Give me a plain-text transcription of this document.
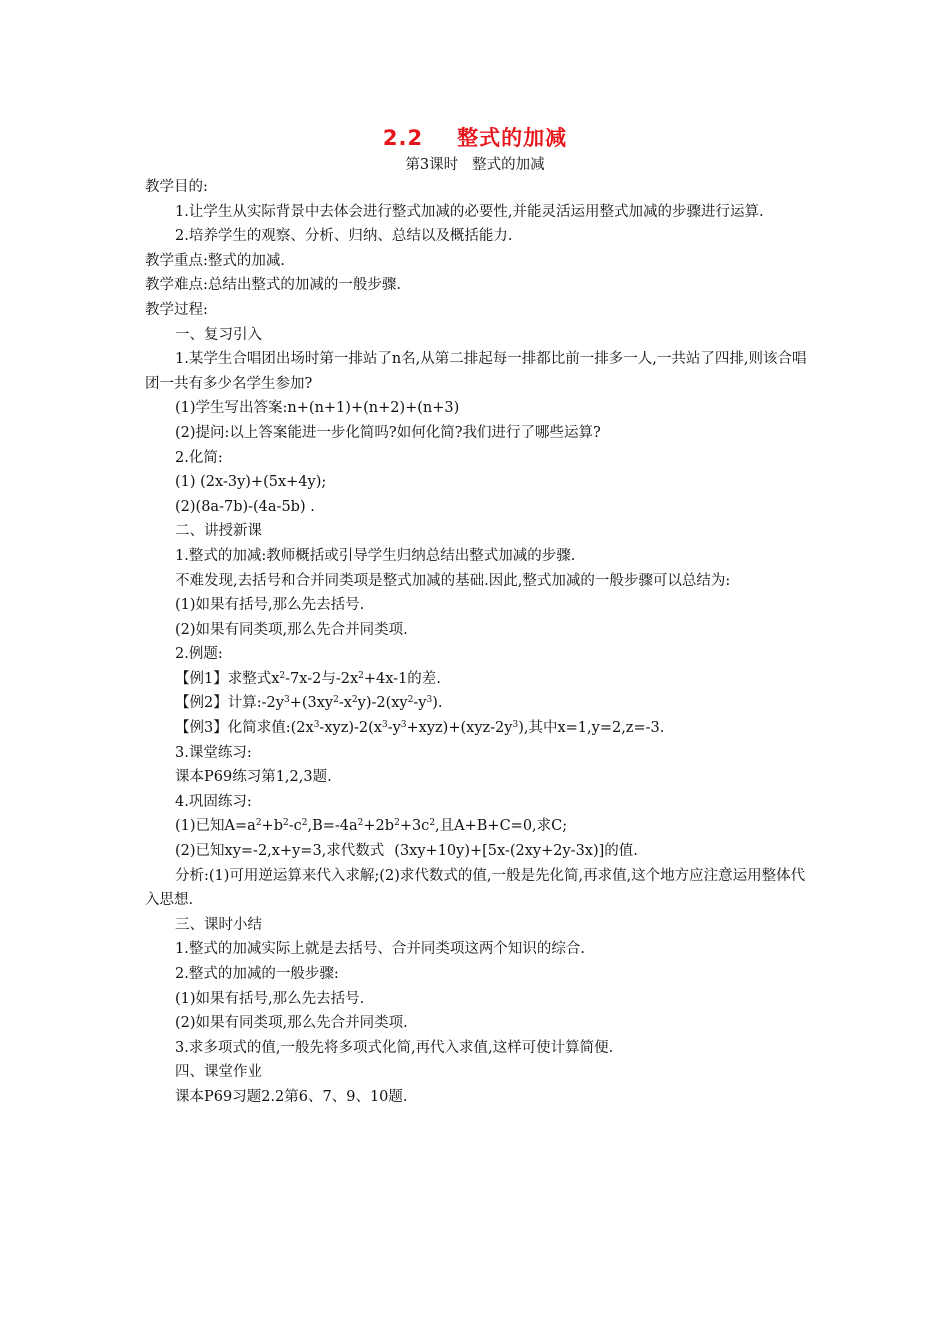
2.2 整式的加减
第3课时 整式的加减

教学目的:

1.让学生从实际背景中去体会进行整式加减的必要性,并能灵活运用整式加减的步骤进行运算.

2.培养学生的观察、分析、归纳、总结以及概括能力.

教学重点:整式的加减.

教学难点:总结出整式的加减的一般步骤.

教学过程:

一、复习引入

1.某学生合唱团出场时第一排站了n名,从第二排起每一排都比前一排多一人,一共站了四排,则该合唱团一共有多少名学生参加?

(1)学生写出答案:n+(n+1)+(n+2)+(n+3)

(2)提问:以上答案能进一步化简吗?如何化简?我们进行了哪些运算?

2.化简:

(1) (2x-3y)+(5x+4y);

(2)(8a-7b)-(4a-5b) .

二、讲授新课

1.整式的加减:教师概括或引导学生归纳总结出整式加减的步骤.

不难发现,去括号和合并同类项是整式加减的基础.因此,整式加减的一般步骤可以总结为:

(1)如果有括号,那么先去括号.

(2)如果有同类项,那么先合并同类项.

2.例题:

【例1】求整式$x^2-7x-2$与$-2x^2+4x-1$的差.

【例2】计算$:-2y^3+(3xy^2-x^2y)-2(xy^2-y^3)$.

【例3】化简求值$:(2x^3-xyz)-2(x^3-y^3+xyz)+(xyz-2y^3)$,其中x=1,y=2,z=-3.

3.课堂练习:

课本P69练习第1,2,3题.

4.巩固练习:

(1)已知$A=a^2+b^2-c^2,B=-4a^2+2b^2+3c^2$,且A+B+C=0,求C;

(2)已知xy=-2,x+y=3,求代数式 (3xy+10y)+[5x-(2xy+2y-3x)]的值.

分析:(1)可用逆运算来代入求解;(2)求代数式的值,一般是先化简,再求值,这个地方应注意运用整体代入思想.

三、课时小结

1.整式的加减实际上就是去括号、合并同类项这两个知识的综合.

2.整式的加减的一般步骤:

(1)如果有括号,那么先去括号.

(2)如果有同类项,那么先合并同类项.

3.求多项式的值,一般先将多项式化简,再代入求值,这样可使计算简便.

四、课堂作业

课本P69习题2.2第6、7、9、10题.
